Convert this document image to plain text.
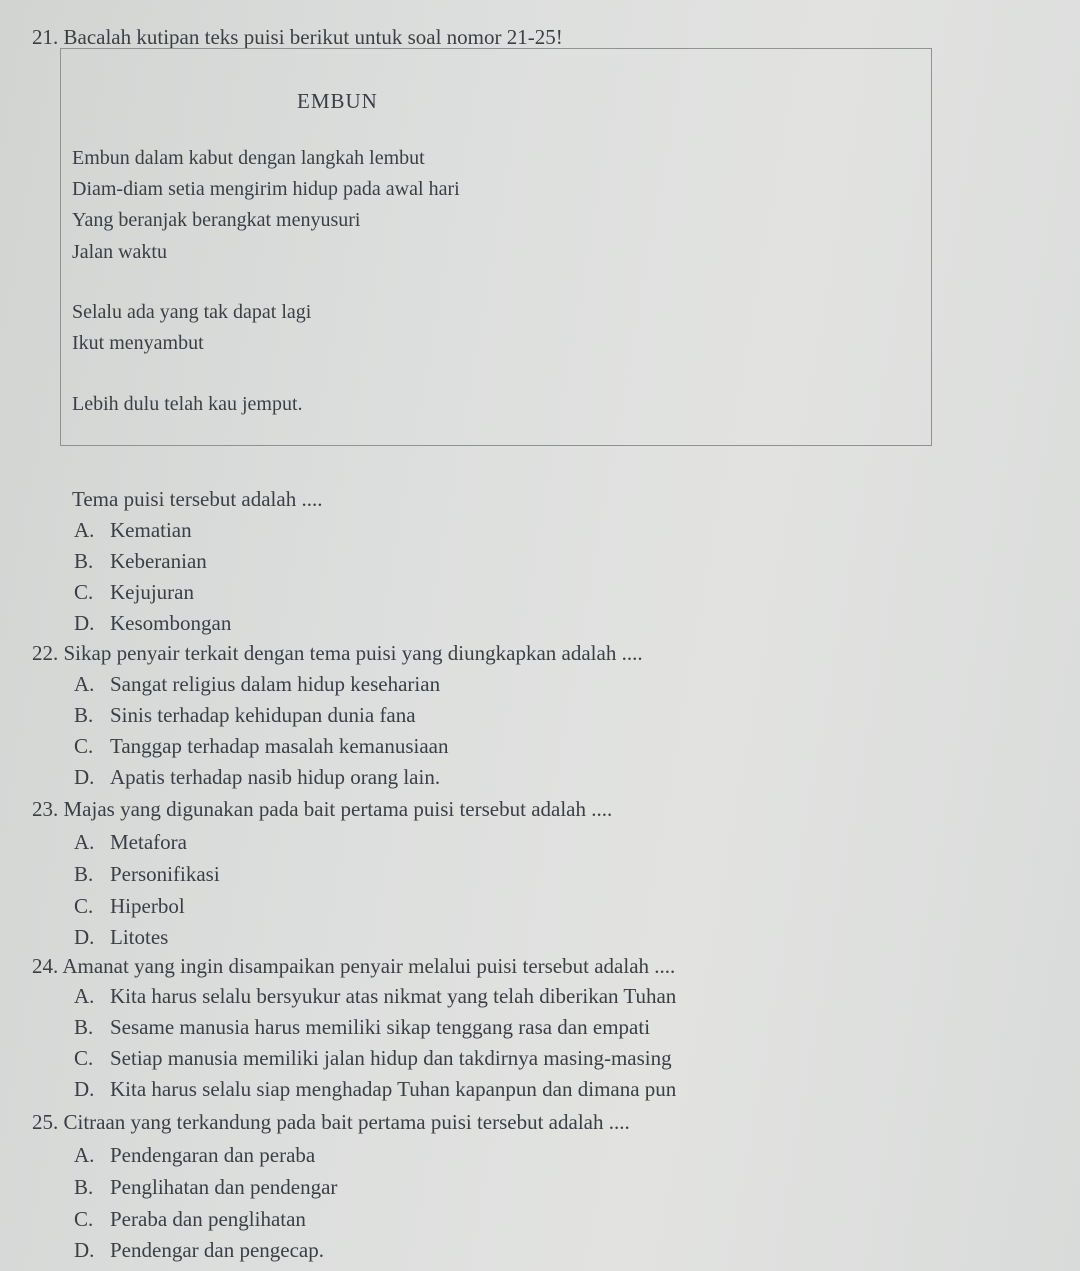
21. Bacalah kutipan teks puisi berikut untuk soal nomor 21-25!
EMBUN
Embun dalam kabut dengan langkah lembut
Diam-diam setia mengirim hidup pada awal hari
Yang beranjak berangkat menyusuri
Jalan waktu
Selalu ada yang tak dapat lagi
Ikut menyambut
Lebih dulu telah kau jemput.
Tema puisi tersebut adalah ....
A. Kematian
B. Keberanian
C. Kejujuran
D. Kesombongan
22. Sikap penyair terkait dengan tema puisi yang diungkapkan adalah ....
A. Sangat religius dalam hidup keseharian
B. Sinis terhadap kehidupan dunia fana
C. Tanggap terhadap masalah kemanusiaan
D. Apatis terhadap nasib hidup orang lain.
23. Majas yang digunakan pada bait pertama puisi tersebut adalah ....
A. Metafora
B. Personifikasi
C. Hiperbol
D. Litotes
24. Amanat yang ingin disampaikan penyair melalui puisi tersebut adalah ....
A. Kita harus selalu bersyukur atas nikmat yang telah diberikan Tuhan
B. Sesame manusia harus memiliki sikap tenggang rasa dan empati
C. Setiap manusia memiliki jalan hidup dan takdirnya masing-masing
D. Kita harus selalu siap menghadap Tuhan kapanpun dan dimana pun
25. Citraan yang terkandung pada bait pertama puisi tersebut adalah ....
A. Pendengaran dan peraba
B. Penglihatan dan pendengar
C. Peraba dan penglihatan
D. Pendengar dan pengecap.
